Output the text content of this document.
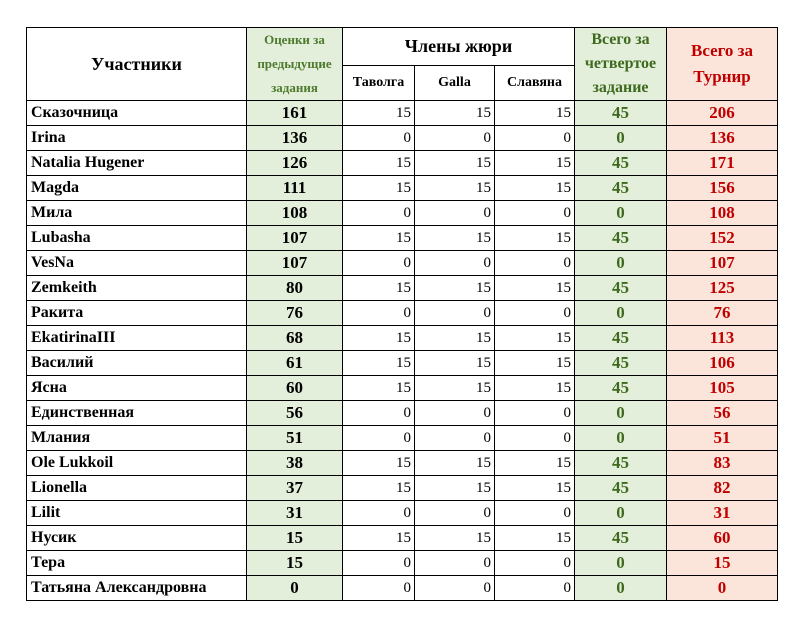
Участники	Оценки за предыдущие задания	Члены жюри			Всего за четвертое задание	Всего за Турнир
		Таволга	Galla	Славяна		
Сказочница	161	15	15	15	45	206
Irina	136	0	0	0	0	136
Natalia Hugener	126	15	15	15	45	171
Magda	111	15	15	15	45	156
Мила	108	0	0	0	0	108
Lubasha	107	15	15	15	45	152
VesNa	107	0	0	0	0	107
Zemkeith	80	15	15	15	45	125
Ракита	76	0	0	0	0	76
EkatirinaIII	68	15	15	15	45	113
Василий	61	15	15	15	45	106
Ясна	60	15	15	15	45	105
Единственная	56	0	0	0	0	56
Млания	51	0	0	0	0	51
Ole Lukkoil	38	15	15	15	45	83
Lionella	37	15	15	15	45	82
Lilit	31	0	0	0	0	31
Нусик	15	15	15	15	45	60
Тера	15	0	0	0	0	15
Татьяна Александровна	0	0	0	0	0	0
